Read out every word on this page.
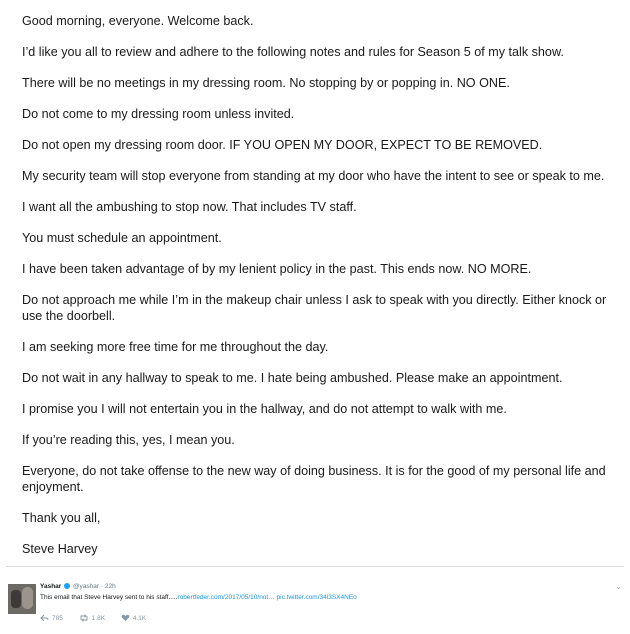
Good morning, everyone. Welcome back.

I’d like you all to review and adhere to the following notes and rules for Season 5 of my talk show.

There will be no meetings in my dressing room. No stopping by or popping in. NO ONE.

Do not come to my dressing room unless invited.

Do not open my dressing room door. IF YOU OPEN MY DOOR, EXPECT TO BE REMOVED.

My security team will stop everyone from standing at my door who have the intent to see or speak to me.

I want all the ambushing to stop now. That includes TV staff.

You must schedule an appointment.

I have been taken advantage of by my lenient policy in the past. This ends now. NO MORE.

Do not approach me while I’m in the makeup chair unless I ask to speak with you directly. Either knock or use the doorbell.

I am seeking more free time for me throughout the day.

Do not wait in any hallway to speak to me. I hate being ambushed. Please make an appointment.

I promise you I will not entertain you in the hallway, and do not attempt to walk with me.

If you’re reading this, yes, I mean you.

Everyone, do not take offense to the new way of doing business. It is for the good of my personal life and enjoyment.

Thank you all,

Steve Harvey

Yashar @yashar · 22h	⌄
This email that Steve Harvey sent to his staff.....robertfeder.com/2017/05/10/not… pic.twitter.com/34l3SX4NEo
785	1.8K	4.1K
